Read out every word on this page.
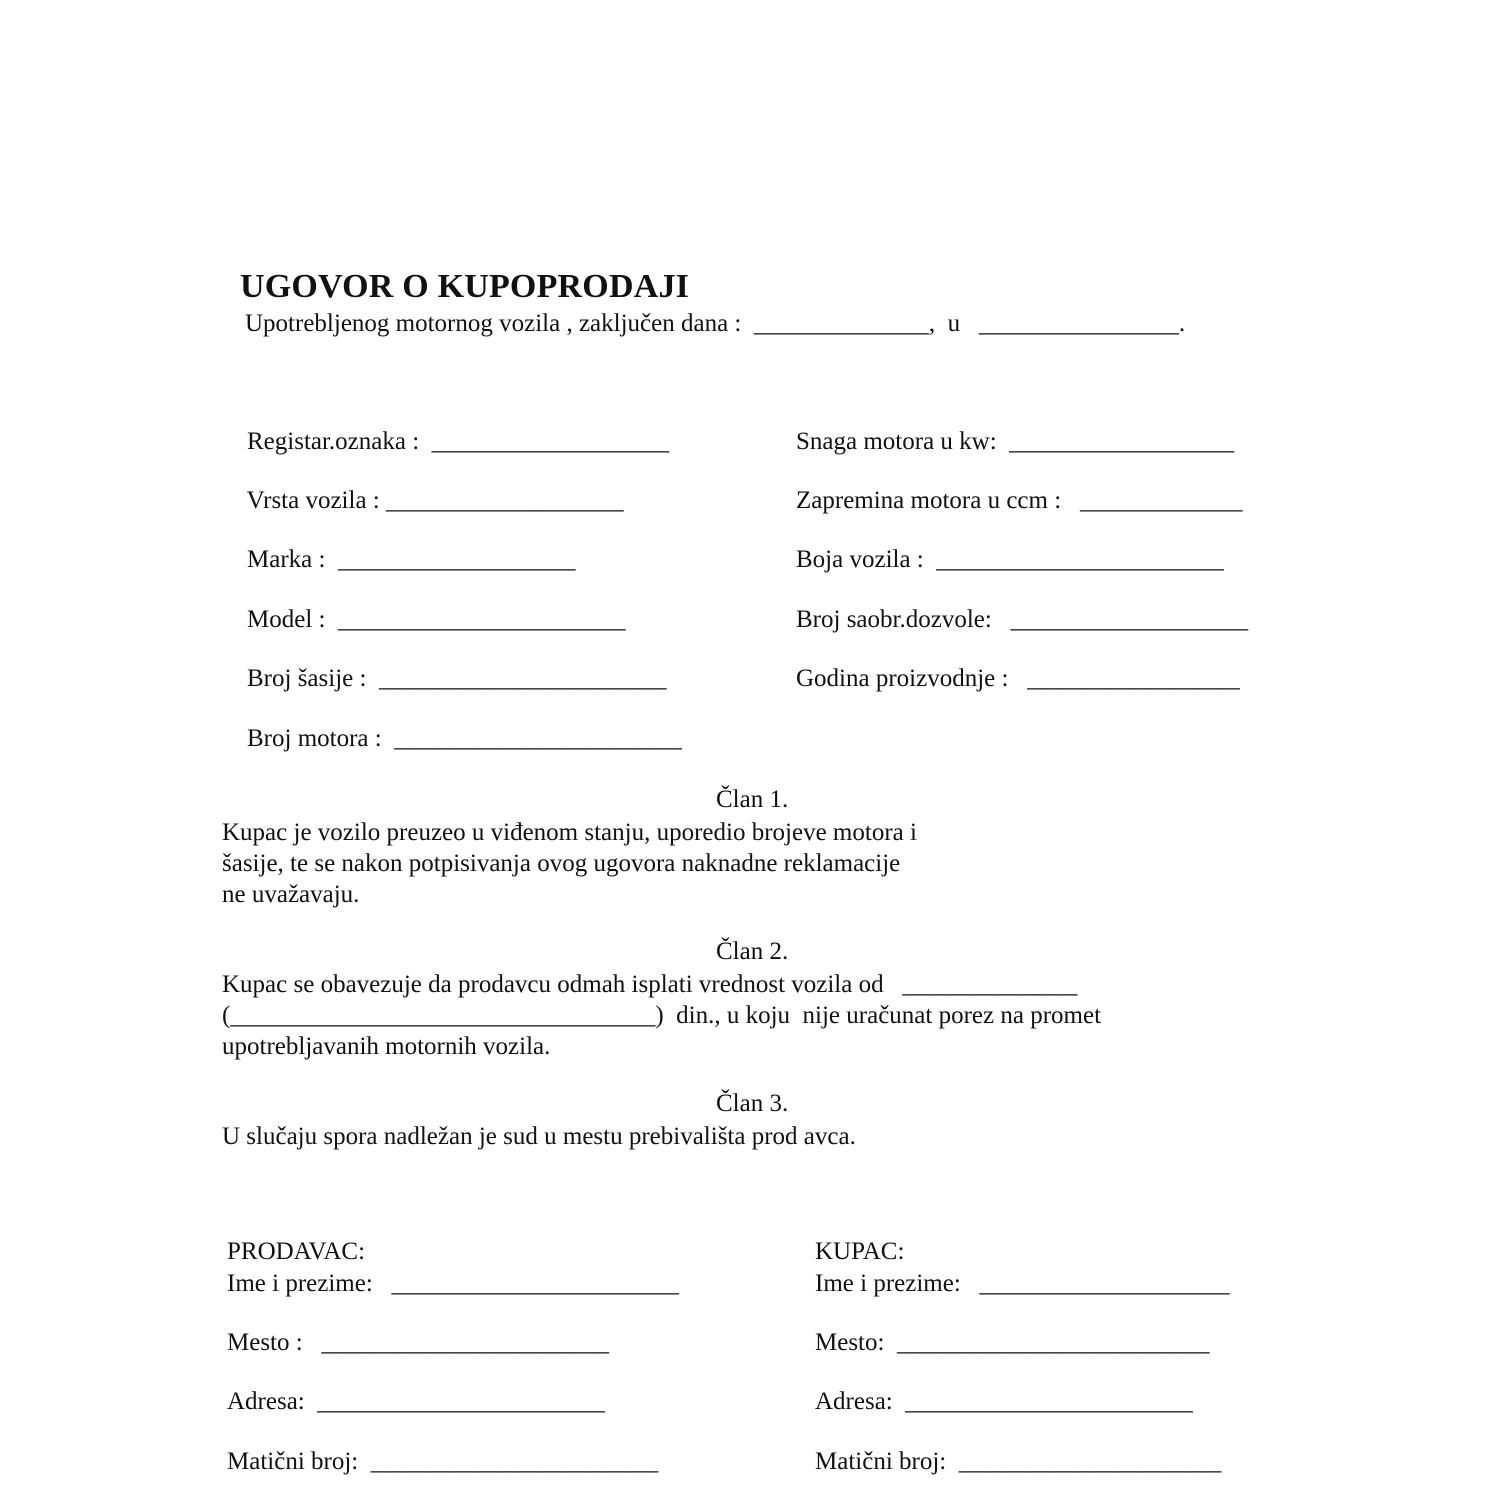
UGOVOR O KUPOPRODAJI
Upotrebljenog motornog vozila , zaključen dana :  ______________,  u   ________________.

Registar.oznaka :  ___________________

Vrsta vozila : ___________________

Marka :  ___________________

Model :  _______________________

Broj šasije :  _______________________

Broj motora :  _______________________

Snaga motora u kw:  __________________

Zapremina motora u ccm :   _____________

Boja vozila :  _______________________

Broj saobr.dozvole:   ___________________

Godina proizvodnje :   _________________

Član 1.
Kupac je vozilo preuzeo u viđenom stanju, uporedio brojeve motora i
šasije, te se nakon potpisivanja ovog ugovora naknadne reklamacije
ne uvažavaju.
Član 2.
Kupac se obavezuje da prodavcu odmah isplati vrednost vozila od   ______________
(__________________________________)  din., u koju  nije uračunat porez na promet
upotrebljavanih motornih vozila.
Član 3.
U slučaju spora nadležan je sud u mestu prebivališta prod avca.
PRODAVAC:
Ime i prezime:   _______________________
Mesto :   _______________________
Adresa:  _______________________
Matični broj:  _______________________
KUPAC:
Ime i prezime:   ____________________
Mesto:  _________________________
Adresa:  _______________________
Matični broj:  _____________________
